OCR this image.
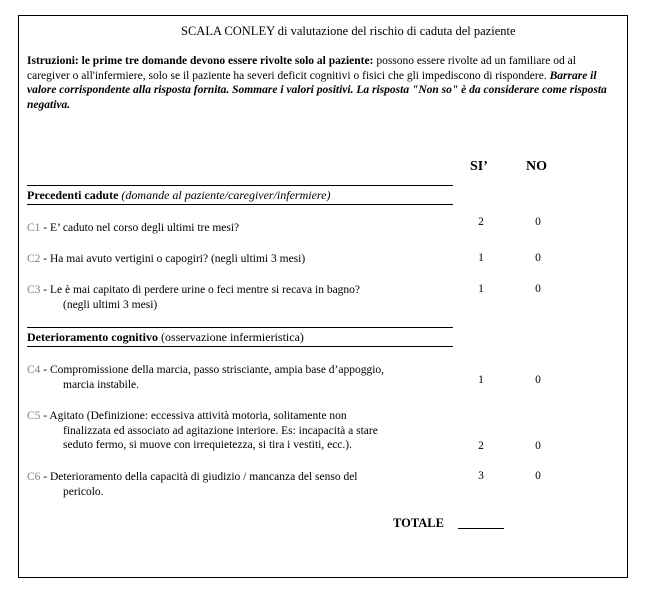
SCALA CONLEY di valutazione del rischio di caduta del paziente
Istruzioni: le prime tre domande devono essere rivolte solo al paziente: possono essere rivolte ad un familiare od al caregiver o all'infermiere, solo se il paziente ha severi deficit cognitivi o fisici che gli impediscono di rispondere. Barrare il valore corrispondente alla risposta fornita. Sommare i valori positivi. La risposta "Non so" è da considerare come risposta negativa.
SI’	NO
Precedenti cadute (domande al paziente/caregiver/infermiere)
C1 - E’ caduto nel corso degli ultimi tre mesi?	2	0
C2 - Ha mai avuto vertigini o capogiri? (negli ultimi 3 mesi)	1	0
C3 - Le è mai capitato di perdere urine o feci mentre si recava in bagno?
(negli ultimi 3 mesi)
1	0
Deterioramento cognitivo (osservazione infermieristica)
C4 - Compromissione della marcia, passo strisciante, ampia base d’appoggio,
marcia instabile.	1	0
C5 - Agitato (Definizione: eccessiva attività motoria, solitamente non
finalizzata ed associato ad agitazione interiore. Es: incapacità a stare seduto fermo, si muove con irrequietezza, si tira i vestiti, ecc.).	2	0
C6 - Deterioramento della capacità di giudizio / mancanza del senso del
pericolo.
3	0
TOTALE
